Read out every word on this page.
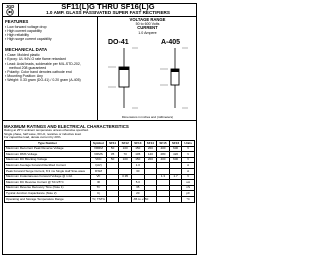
JGD	SF11(L)G THRU SF16(L)G
1.0 AMP. GLASS PASSIVATED SUPER FAST RECTIFIERS
FEATURES
▪Low forward voltage drop
▪High current capability
▪High reliability
▪High surge current capability
MECHANICAL DATA
▪Case: Molded plastic
▪Epoxy: UL 94V-O rate flame retardant
▪Lead: Axial leads, solderable per MIL-STD-202,
method 208 guaranteed
▪Polarity: Color band denotes cathode end
▪Mounting Position: Any
▪Weight: 0.33 gram (DO-41) / 0.20 gram (A-405)
VOLTAGE RANGE
50 to 600 Volts
CURRENT
1.0 Ampere
DO-41	A-405
Dimensions in inches and (millimeters)
MAXIMUM RATINGS AND ELECTRICAL CHARACTERISTICS
Rating at 25°C ambient temperature unless otherwise specified.
Single phase, half wave, 60 Hz, resistive or inductive load.
For capacitive load, derate current by 20%.
Type Number	Symbol	SF11	SF12	SF13	SF14	SF15	SF16	Units
Maximum Recurrent Peak Reverse Voltage	VRRM	50	100	150	200	400	600	V
Maximum RMS Voltage	VRMS	35	70	105	140	280	420	V
Maximum DC Blocking Voltage	VDC	50	100	150	200	400	600	V
Maximum Average Forward Rectified Current	I(AV)			1.0				A
Peak Forward Surge Current, 8.3 ms Single Half Sine-wave	IFSM			30				A
Maximum Instantaneous Forward Voltage @ 1.0A	VF		0.95			1.3	1.7	V
Maximum DC Reverse Current @ TA=25°C	IR			5.0				uA
Maximum Reverse Recovery Time (Note 1)	Trr			35				nS
Typical Junction Capacitance (Note 2)	Cj			20				pF
Operating and Storage Temperature Range	TJ, TSTG			-65 to +150				°C
